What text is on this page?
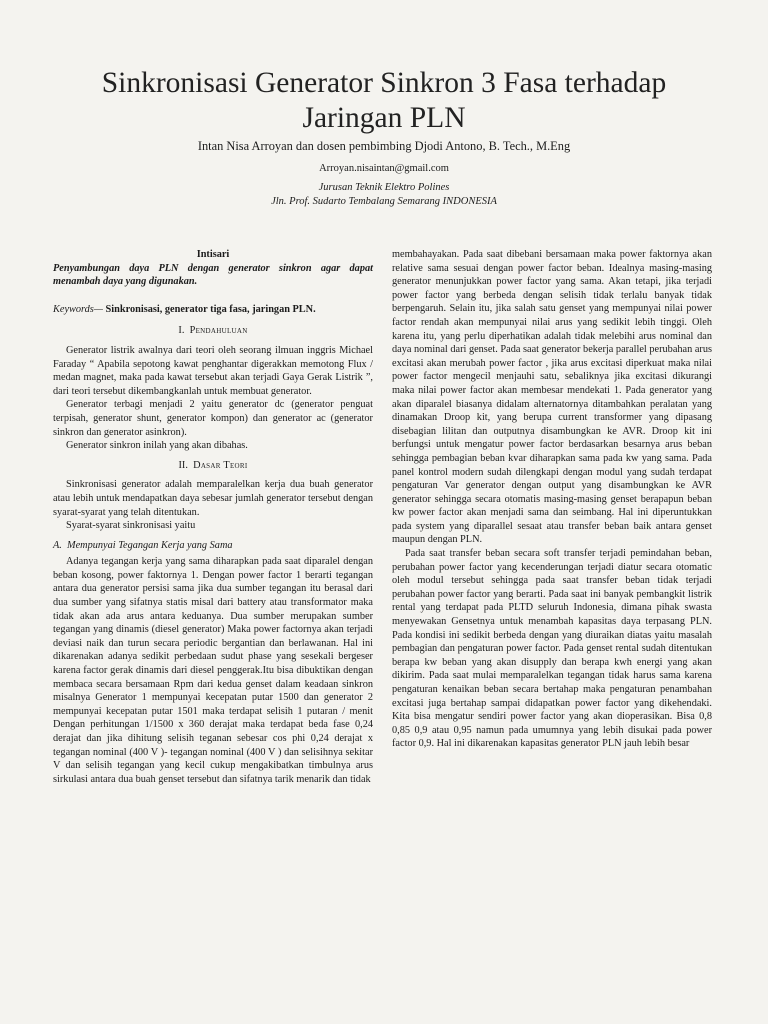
Sinkronisasi Generator Sinkron 3 Fasa terhadap
Jaringan PLN
Intan Nisa Arroyan dan dosen pembimbing Djodi Antono, B. Tech., M.Eng
Arroyan.nisaintan@gmail.com
Jurusan Teknik Elektro Polines
Jln. Prof. Sudarto Tembalang Semarang INDONESIA
Intisari

Penyambungan daya PLN dengan generator sinkron agar dapat menambah daya yang digunakan.

Keywords— Sinkronisasi, generator tiga fasa, jaringan PLN.

I. Pendahuluan

Generator listrik awalnya dari teori oleh seorang ilmuan inggris Michael Faraday “ Apabila sepotong kawat penghantar digerakkan memotong Flux / medan magnet, maka pada kawat tersebut akan terjadi Gaya Gerak Listrik ”, dari teori tersebut dikembangkanlah untuk membuat generator.

Generator terbagi menjadi 2 yaitu generator dc (generator penguat terpisah, generator shunt, generator kompon) dan generator ac (generator sinkron dan generator asinkron).

Generator sinkron inilah yang akan dibahas.

II. Dasar Teori

Sinkronisasi generator adalah memparalelkan kerja dua buah generator atau lebih untuk mendapatkan daya sebesar jumlah generator tersebut dengan syarat-syarat yang telah ditentukan.

Syarat-syarat sinkronisasi yaitu

A. Mempunyai Tegangan Kerja yang Sama

Adanya tegangan kerja yang sama diharapkan pada saat diparalel dengan beban kosong, power faktornya 1. Dengan power factor 1 berarti tegangan antara dua generator persisi sama jika dua sumber tegangan itu berasal dari dua sumber yang sifatnya statis misal dari battery atau transformator maka tidak akan ada arus antara keduanya. Dua sumber merupakan sumber tegangan yang dinamis (diesel generator) Maka power factornya akan terjadi deviasi naik dan turun secara periodic bergantian dan berlawanan. Hal ini dikarenakan adanya sedikit perbedaan sudut phase yang sesekali bergeser karena factor gerak dinamis dari diesel penggerak.Itu bisa dibuktikan dengan membaca secara bersamaan Rpm dari kedua genset dalam keadaan sinkron misalnya Generator 1 mempunyai kecepatan putar 1500 dan generator 2 mempunyai kecepatan putar 1501 maka terdapat selisih 1 putaran / menit Dengan perhitungan 1/1500 x 360 derajat maka terdapat beda fase 0,24 derajat dan jika dihitung selisih teganan sebesar cos phi 0,24 derajat x tegangan nominal (400 V )- tegangan nominal (400 V ) dan selisihnya sekitar V dan selisih tegangan yang kecil cukup mengakibatkan timbulnya arus sirkulasi antara dua buah genset tersebut dan sifatnya tarik menarik dan tidak

membahayakan. Pada saat dibebani bersamaan maka power faktornya akan relative sama sesuai dengan power factor beban. Idealnya masing-masing generator menunjukkan power factor yang sama. Akan tetapi, jika terjadi power factor yang berbeda dengan selisih tidak terlalu banyak tidak berpengaruh. Selain itu, jika salah satu genset yang mempunyai nilai power factor rendah akan mempunyai nilai arus yang sedikit lebih tinggi. Oleh karena itu, yang perlu diperhatikan adalah tidak melebihi arus nominal dan daya nominal dari genset. Pada saat generator bekerja parallel perubahan arus excitasi akan merubah power factor , jika arus excitasi diperkuat maka nilai power factor mengecil menjauhi satu, sebaliknya jika excitasi dikurangi maka nilai power factor akan membesar mendekati 1. Pada generator yang akan diparalel biasanya didalam alternatornya ditambahkan peralatan yang dinamakan Droop kit, yang berupa current transformer yang dipasang disebagian lilitan dan outputnya disambungkan ke AVR. Droop kit ini berfungsi untuk mengatur power factor berdasarkan besarnya arus beban sehingga pembagian beban kvar diharapkan sama pada kw yang sama. Pada panel kontrol modern sudah dilengkapi dengan modul yang sudah terdapat pengaturan Var generator dengan output yang disambungkan ke AVR generator sehingga secara otomatis masing-masing genset berapapun beban kw power factor akan menjadi sama dan seimbang. Hal ini diperuntukkan pada system yang diparallel sesaat atau transfer beban baik antara genset maupun dengan PLN.

Pada saat transfer beban secara soft transfer terjadi pemindahan beban, perubahan power factor yang kecenderungan terjadi diatur secara otomatic oleh modul tersebut sehingga pada saat transfer beban tidak terjadi perubahan power factor yang berarti. Pada saat ini banyak pembangkit listrik rental yang terdapat pada PLTD seluruh Indonesia, dimana pihak swasta menyewakan Gensetnya untuk menambah kapasitas daya terpasang PLN. Pada kondisi ini sedikit berbeda dengan yang diuraikan diatas yaitu masalah pembagian dan pengaturan power factor. Pada genset rental sudah ditentukan berapa kw beban yang akan disupply dan berapa kwh energi yang akan dikirim. Pada saat mulai memparalelkan tegangan tidak harus sama karena pengaturan kenaikan beban secara bertahap maka pengaturan penambahan excitasi juga bertahap sampai didapatkan power factor yang dikehendaki. Kita bisa mengatur sendiri power factor yang akan dioperasikan. Bisa 0,8 0,85 0,9 atau 0,95 namun pada umumnya yang lebih disukai pada power factor 0,9. Hal ini dikarenakan kapasitas generator PLN jauh lebih besar
